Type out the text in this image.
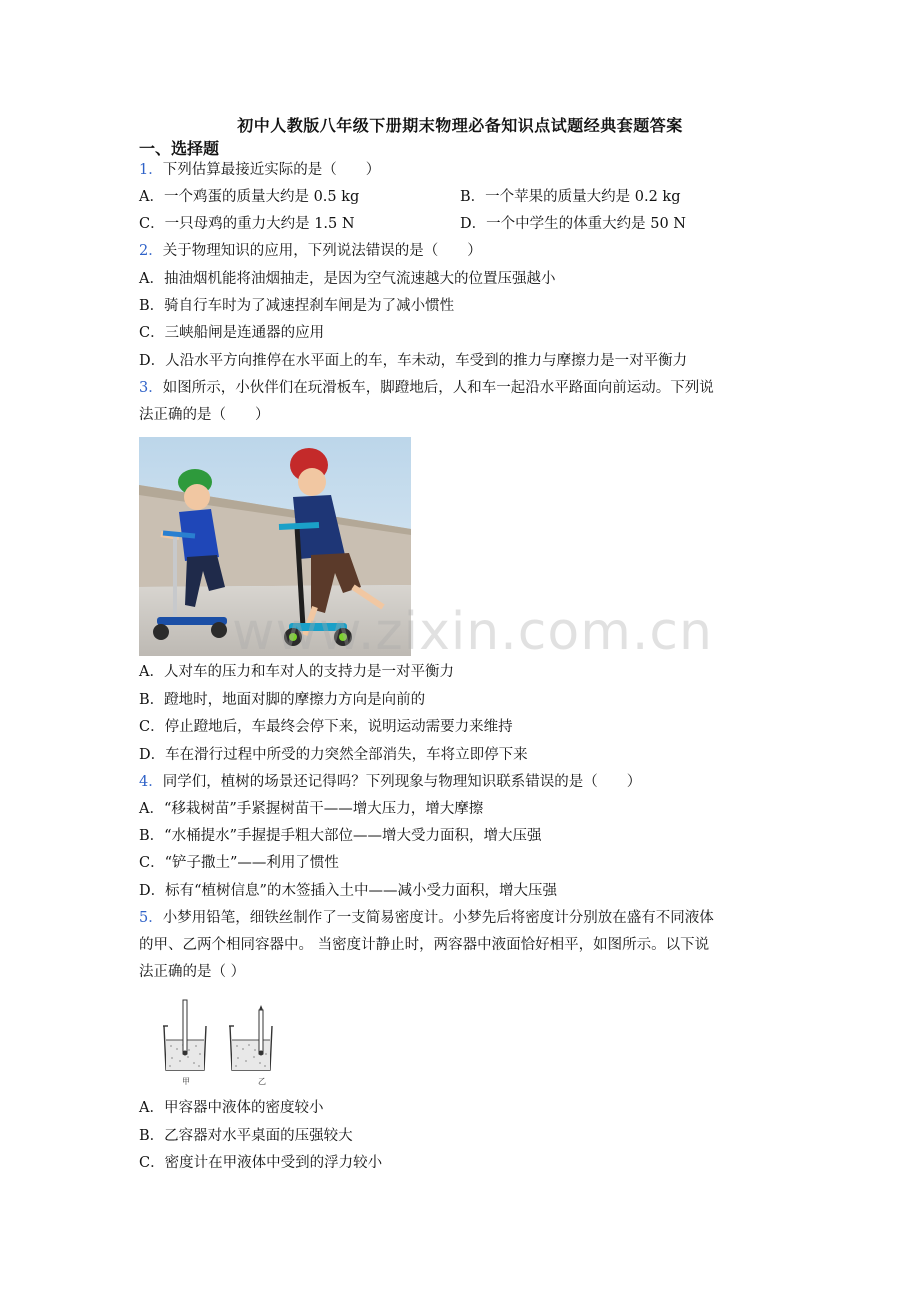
初中人教版八年级下册期末物理必备知识点试题经典套题答案
一、选择题
1．下列估算最接近实际的是（　　）
A．一个鸡蛋的质量大约是 0.5 kg	B．一个苹果的质量大约是 0.2 kg
C．一只母鸡的重力大约是 1.5 N	D．一个中学生的体重大约是 50 N
2．关于物理知识的应用，下列说法错误的是（　　）
A．抽油烟机能将油烟抽走，是因为空气流速越大的位置压强越小
B．骑自行车时为了减速捏刹车闸是为了减小惯性
C．三峡船闸是连通器的应用
D．人沿水平方向推停在水平面上的车，车未动，车受到的推力与摩擦力是一对平衡力
3．如图所示，小伙伴们在玩滑板车，脚蹬地后，人和车一起沿水平路面向前运动。下列说
法正确的是（　　）
www.zixin.com.cn
A．人对车的压力和车对人的支持力是一对平衡力
B．蹬地时，地面对脚的摩擦力方向是向前的
C．停止蹬地后，车最终会停下来，说明运动需要力来维持
D．车在滑行过程中所受的力突然全部消失，车将立即停下来
4．同学们，植树的场景还记得吗？下列现象与物理知识联系错误的是（　　）
A．“移栽树苗”手紧握树苗干——增大压力，增大摩擦
B．“水桶提水”手握提手粗大部位——增大受力面积，增大压强
C．“铲子撒土”——利用了惯性
D．标有“植树信息”的木签插入土中——减小受力面积，增大压强
5．小梦用铅笔，细铁丝制作了一支简易密度计。小梦先后将密度计分别放在盛有不同液体
的甲、乙两个相同容器中。 当密度计静止时，两容器中液面恰好相平，如图所示。以下说
法正确的是（ ）
甲	乙
A．甲容器中液体的密度较小
B．乙容器对水平桌面的压强较大
C．密度计在甲液体中受到的浮力较小
